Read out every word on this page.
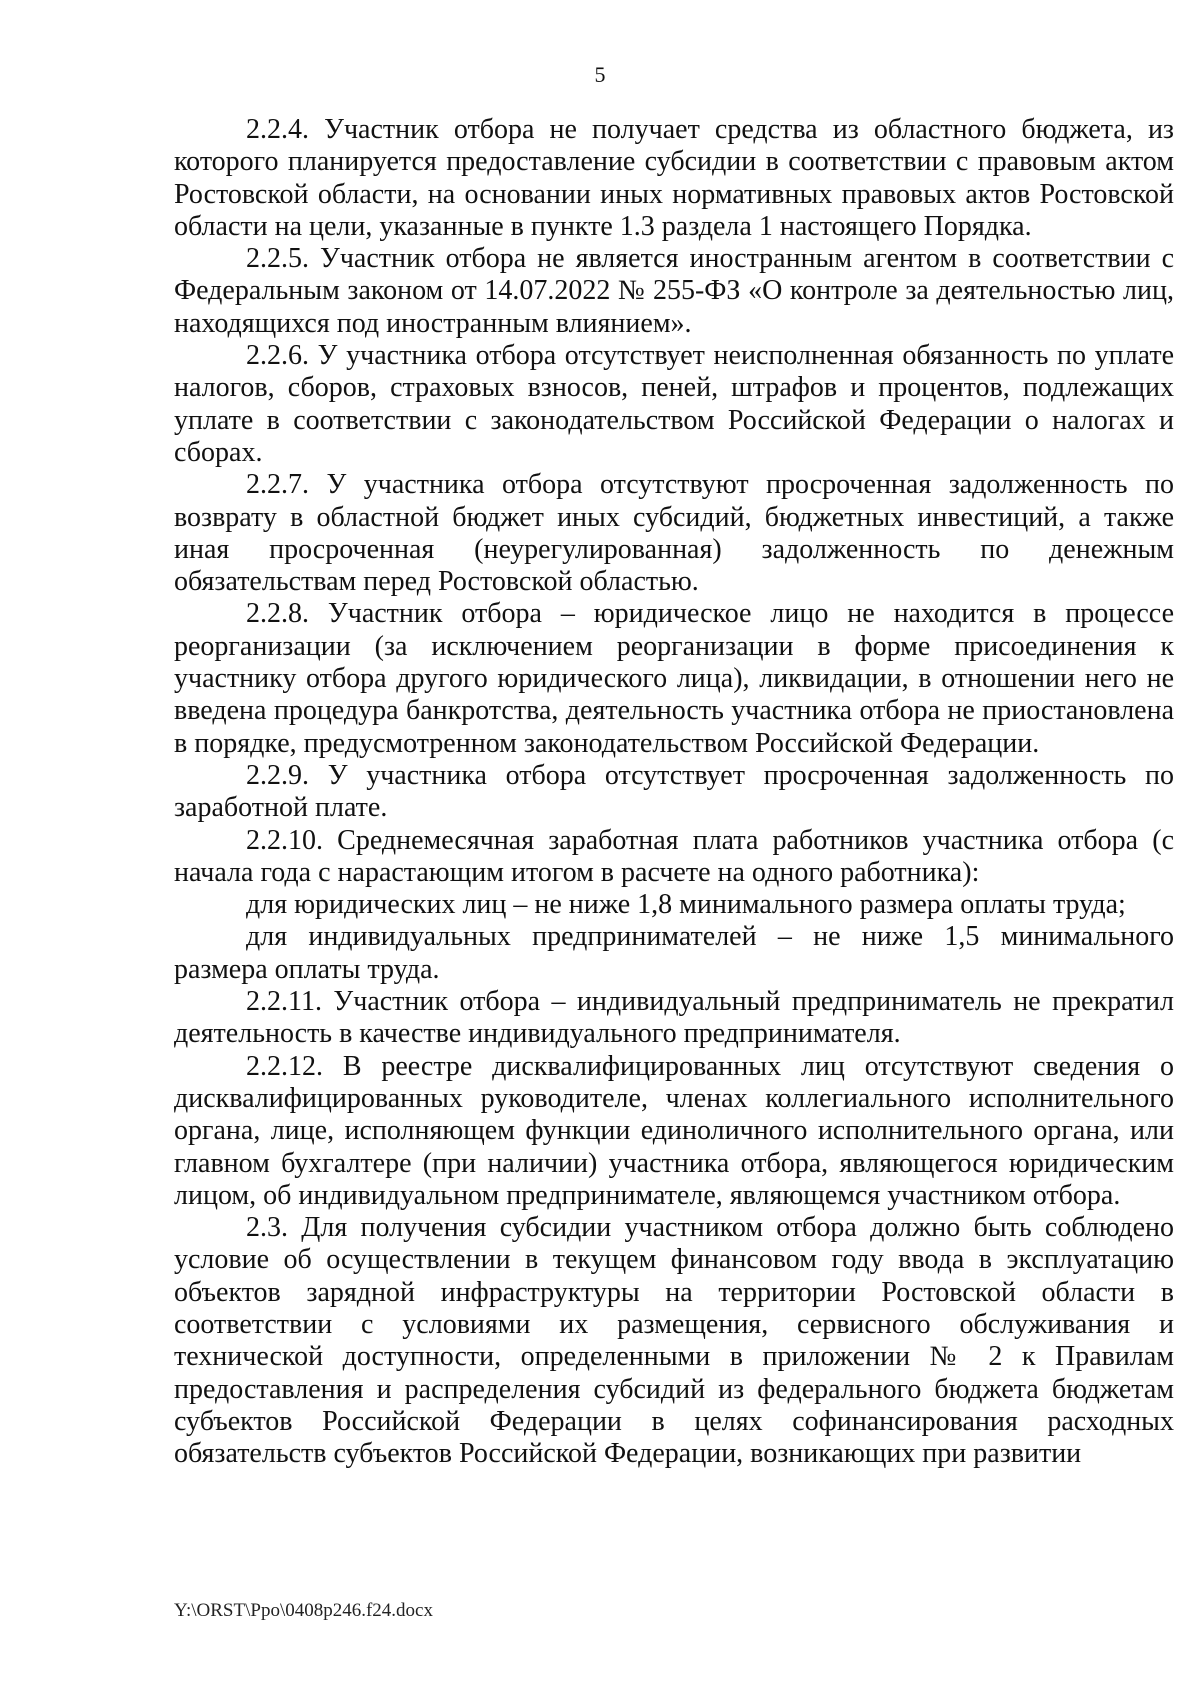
5

2.2.4. Участник отбора не получает средства из областного бюджета, из которого планируется предоставление субсидии в соответствии с правовым актом Ростовской области, на основании иных нормативных правовых актов Ростовской области на цели, указанные в пункте 1.3 раздела 1 настоящего Порядка.

2.2.5. Участник отбора не является иностранным агентом в соответствии с Федеральным законом от 14.07.2022 № 255-ФЗ «О контроле за деятельностью лиц, находящихся под иностранным влиянием».

2.2.6. У участника отбора отсутствует неисполненная обязанность по уплате налогов, сборов, страховых взносов, пеней, штрафов и процентов, подлежащих уплате в соответствии с законодательством Российской Федерации о налогах и сборах.

2.2.7. У участника отбора отсутствуют просроченная задолженность по возврату в областной бюджет иных субсидий, бюджетных инвестиций, а также иная просроченная (неурегулированная) задолженность по денежным обязательствам перед Ростовской областью.

2.2.8. Участник отбора – юридическое лицо не находится в процессе реорганизации (за исключением реорганизации в форме присоединения к участнику отбора другого юридического лица), ликвидации, в отношении него не введена процедура банкротства, деятельность участника отбора не приостановлена в порядке, предусмотренном законодательством Российской Федерации.

2.2.9. У участника отбора отсутствует просроченная задолженность по заработной плате.

2.2.10. Среднемесячная заработная плата работников участника отбора (с начала года с нарастающим итогом в расчете на одного работника):

для юридических лиц – не ниже 1,8 минимального размера оплаты труда;

для индивидуальных предпринимателей – не ниже 1,5 минимального размера оплаты труда.

2.2.11. Участник отбора – индивидуальный предприниматель не прекратил деятельность в качестве индивидуального предпринимателя.

2.2.12. В реестре дисквалифицированных лиц отсутствуют сведения о дисквалифицированных руководителе, членах коллегиального исполнительного органа, лице, исполняющем функции единоличного исполнительного органа, или главном бухгалтере (при наличии) участника отбора, являющегося юридическим лицом, об индивидуальном предпринимателе, являющемся участником отбора.

2.3. Для получения субсидии участником отбора должно быть соблюдено условие об осуществлении в текущем финансовом году ввода в эксплуатацию объектов зарядной инфраструктуры на территории Ростовской области в соответствии с условиями их размещения, сервисного обслуживания и технической доступности, определенными в приложении № 2 к Правилам предоставления и распределения субсидий из федерального бюджета бюджетам субъектов Российской Федерации в целях софинансирования расходных обязательств субъектов Российской Федерации, возникающих при развитии

Y:\ORST\Ppo\0408p246.f24.docx
